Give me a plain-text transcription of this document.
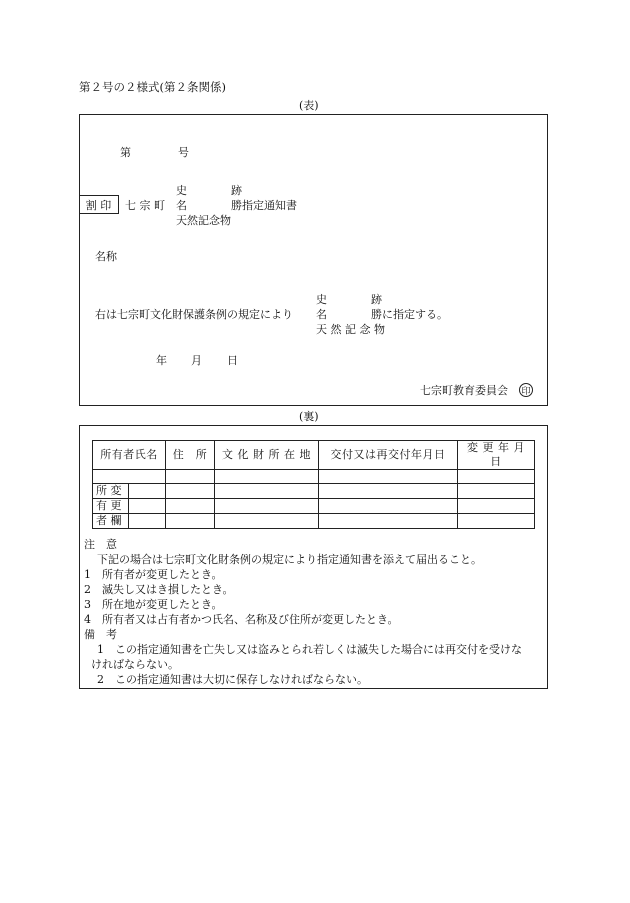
第２号の２様式(第２条関係)
(表)
第	号
割 印	七 宗 町
史　　　　跡
名　　　　勝指定通知書
天然記念物
名称
史　　　　跡
右は七宗町文化財保護条例の規定により 名　　　　勝に指定する。
天 然 記 念 物
年 月 日
七宗町教育委員会 印
(裏)
所有者氏名	住　所	文 化 財 所 在 地	交付又は再交付年月日	変 更 年 月 日

所 変				

有 更				

者 欄				

注　意
下記の場合は七宗町文化財条例の規定により指定通知書を添えて届出ること。
1　所有者が変更したとき。
2　滅失し又はき損したとき。
3　所在地が変更したとき。
4　所有者又は占有者かつ氏名、名称及び住所が変更したとき。
備　考
1　この指定通知書を亡失し又は盗みとられ若しくは滅失した場合には再交付を受けな
ければならない。
2　この指定通知書は大切に保存しなければならない。
